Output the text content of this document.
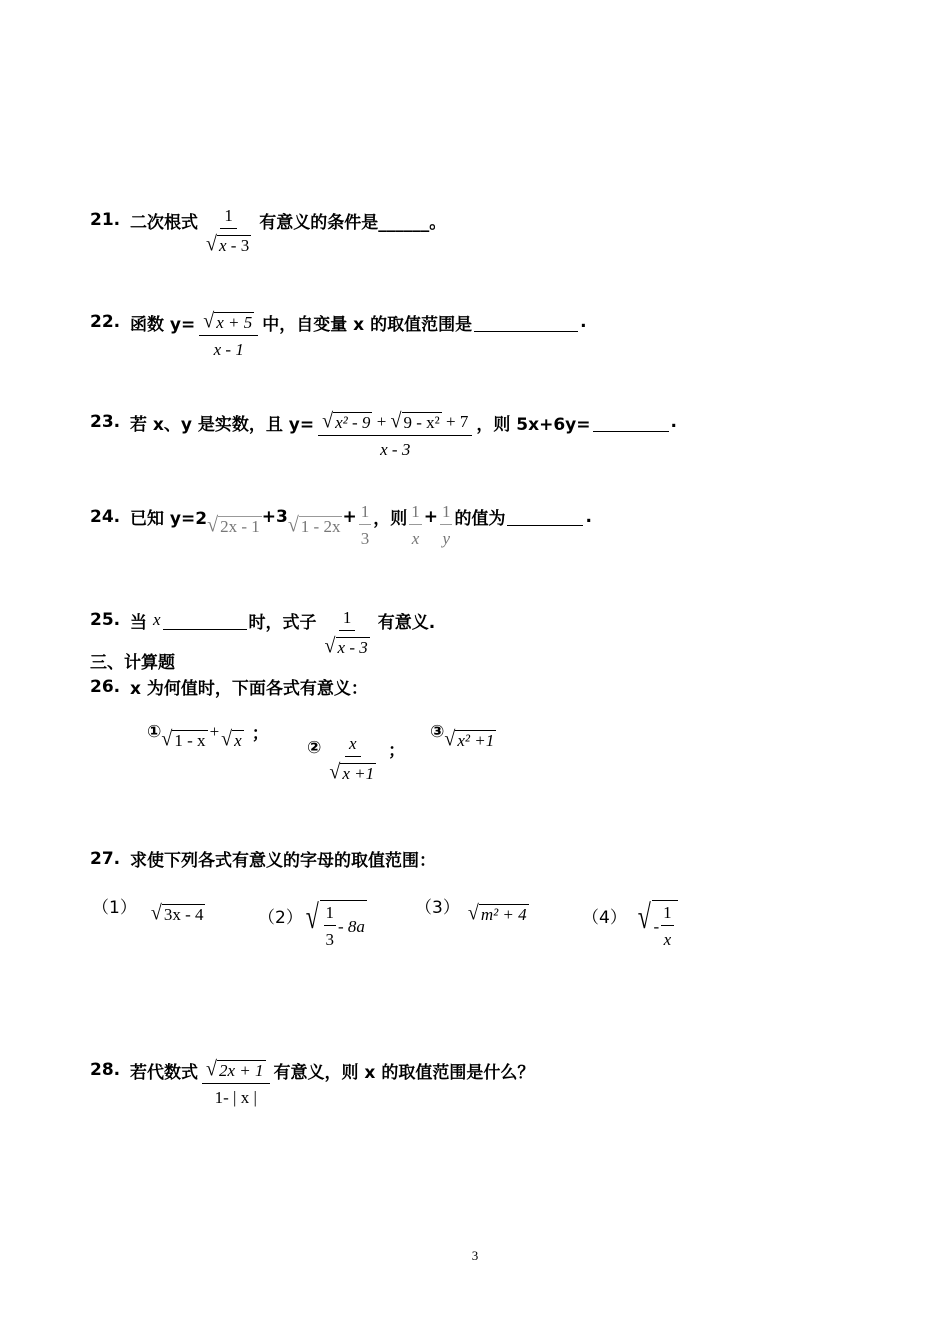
21. 二次根式 $\frac{1}{√ x - 3}$ 有意义的条件是______。
22. 函数 $y= \frac{√ x + 5}{x - 1}$ 中，自变量 x 的取值范围是	.
23. 若 x、y 是实数，且 $y= \frac{\text{√ x² - 9 + √ 9 - x² + 7}}{x - 3}$ ，则 5x+6y=	.
24. 已知 y=2 √ 2x - 1 +3 √ $1 - 2x + \frac{1}{3}$ ，则 $\frac{1}{x} + \frac{1}{y}$ 的值为	.
25. 当 x	时，式子 $\frac{1}{√ x - 3}$ 有意义.
三、计算题
26. x 为何值时，下面各式有意义：
① √ 1 - x + √ x ；
② $\frac{x}{√ x +1}$ ；
③ √ x² +1
27. 求使下列各式有意义的字母的取值范围：
（1） √ 3x - 4	（2） √ $\frac{1}{3} - 8a$
（3） √ m² + 4	（4） √ - $\frac{1}{x}$
28. 若代数式 $\frac{√ 2x + 1}{1- | x |}$ 有意义，则 x 的取值范围是什么？
3
